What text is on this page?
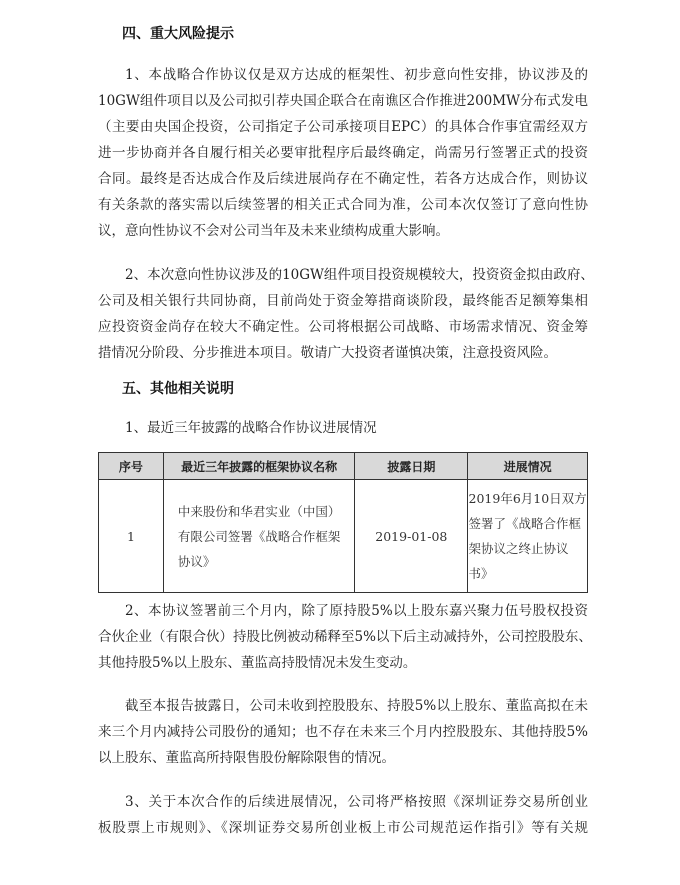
四、重大风险提示
1、本战略合作协议仅是双方达成的框架性、初步意向性安排，协议涉及的
10GW组件项目以及公司拟引荐央国企联合在南谯区合作推进200MW分布式发电
（主要由央国企投资，公司指定子公司承接项目EPC）的具体合作事宜需经双方
进一步协商并各自履行相关必要审批程序后最终确定，尚需另行签署正式的投资
合同。最终是否达成合作及后续进展尚存在不确定性，若各方达成合作，则协议
有关条款的落实需以后续签署的相关正式合同为准，公司本次仅签订了意向性协
议，意向性协议不会对公司当年及未来业绩构成重大影响。
2、本次意向性协议涉及的10GW组件项目投资规模较大，投资资金拟由政府、
公司及相关银行共同协商，目前尚处于资金筹措商谈阶段，最终能否足额筹集相
应投资资金尚存在较大不确定性。公司将根据公司战略、市场需求情况、资金筹
措情况分阶段、分步推进本项目。敬请广大投资者谨慎决策，注意投资风险。
五、其他相关说明
1、最近三年披露的战略合作协议进展情况
序号	最近三年披露的框架协议名称	披露日期	进展情况
1	中来股份和华君实业（中国）
有限公司签署《战略合作框架
协议》	2019-01-08	2019年6月10日双方
签署了《战略合作框
架协议之终止协议
书》
2、本协议签署前三个月内，除了原持股5%以上股东嘉兴聚力伍号股权投资
合伙企业（有限合伙）持股比例被动稀释至5%以下后主动减持外，公司控股股东、
其他持股5%以上股东、董监高持股情况未发生变动。
截至本报告披露日，公司未收到控股股东、持股5%以上股东、董监高拟在未
来三个月内减持公司股份的通知；也不存在未来三个月内控股股东、其他持股5%
以上股东、董监高所持限售股份解除限售的情况。
3、关于本次合作的后续进展情况，公司将严格按照《深圳证券交易所创业
板股票上市规则》、《深圳证券交易所创业板上市公司规范运作指引》等有关规
